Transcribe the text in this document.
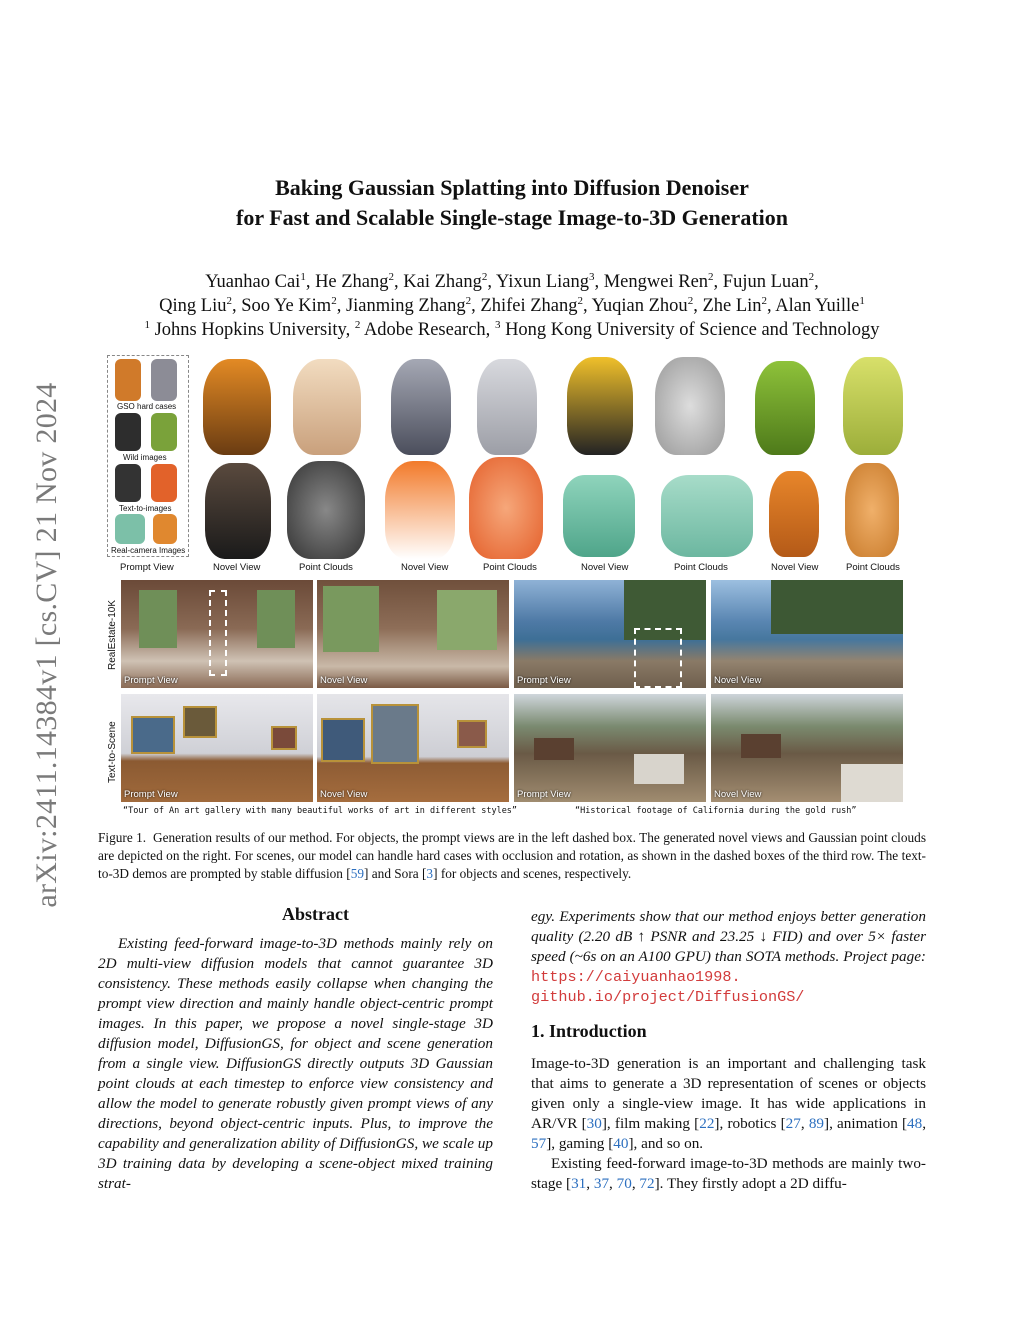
arXiv:2411.14384v1 [cs.CV] 21 Nov 2024
Baking Gaussian Splatting into Diffusion Denoiser
for Fast and Scalable Single-stage Image-to-3D Generation
Yuanhao Cai$^1$, He Zhang$^2$, Kai Zhang$^2$, Yixun Liang$^3$, Mengwei Ren$^2$, Fujun Luan$^2$,
Qing Liu$^2$, Soo Ye Kim$^2$, Jianming Zhang$^2$, Zhifei Zhang$^2$, Yuqian Zhou$^2$, Zhe Lin$^2$, Alan Yuille$^1$
$^1$ Johns Hopkins University, $^2$ Adobe Research, $^3$ Hong Kong University of Science and Technology
GSO hard cases
Wild images
Text-to-images
Real-camera Images
Prompt View	Novel View	Point Clouds	Novel View	Point Clouds	Novel View	Point Clouds	Novel View	Point Clouds
RealEstate-10K
Text-to-Scene
Prompt View	Novel View	Prompt View	Novel View
Prompt View	Novel View	Prompt View	Novel View
“Tour of An art gallery with many beautiful works of art in different styles”	“Historical footage of California during the gold rush”
Figure 1. Generation results of our method. For objects, the prompt views are in the left dashed box. The generated novel views and Gaussian point clouds are depicted on the right. For scenes, our model can handle hard cases with occlusion and rotation, as shown in the dashed boxes of the third row. The text-to-3D demos are prompted by stable diffusion [59] and Sora [3] for objects and scenes, respectively.
Abstract
Existing feed-forward image-to-3D methods mainly rely on 2D multi-view diffusion models that cannot guarantee 3D consistency. These methods easily collapse when changing the prompt view direction and mainly handle object-centric prompt images. In this paper, we propose a novel single-stage 3D diffusion model, DiffusionGS, for object and scene generation from a single view. DiffusionGS directly outputs 3D Gaussian point clouds at each timestep to enforce view consistency and allow the model to generate robustly given prompt views of any directions, beyond object-centric inputs. Plus, to improve the capability and generalization ability of DiffusionGS, we scale up 3D training data by developing a scene-object mixed training strat-
egy. Experiments show that our method enjoys better generation quality (2.20 dB ↑ PSNR and 23.25 ↓ FID) and over 5× faster speed (~6s on an A100 GPU) than SOTA methods. Project page: https://caiyuanhao1998. github.io/project/DiffusionGS/
1. Introduction
Image-to-3D generation is an important and challenging task that aims to generate a 3D representation of scenes or objects given only a single-view image. It has wide applications in AR/VR [30], film making [22], robotics [27, 89], animation [48, 57], gaming [40], and so on.
Existing feed-forward image-to-3D methods are mainly two-stage [31, 37, 70, 72]. They firstly adopt a 2D diffu-
